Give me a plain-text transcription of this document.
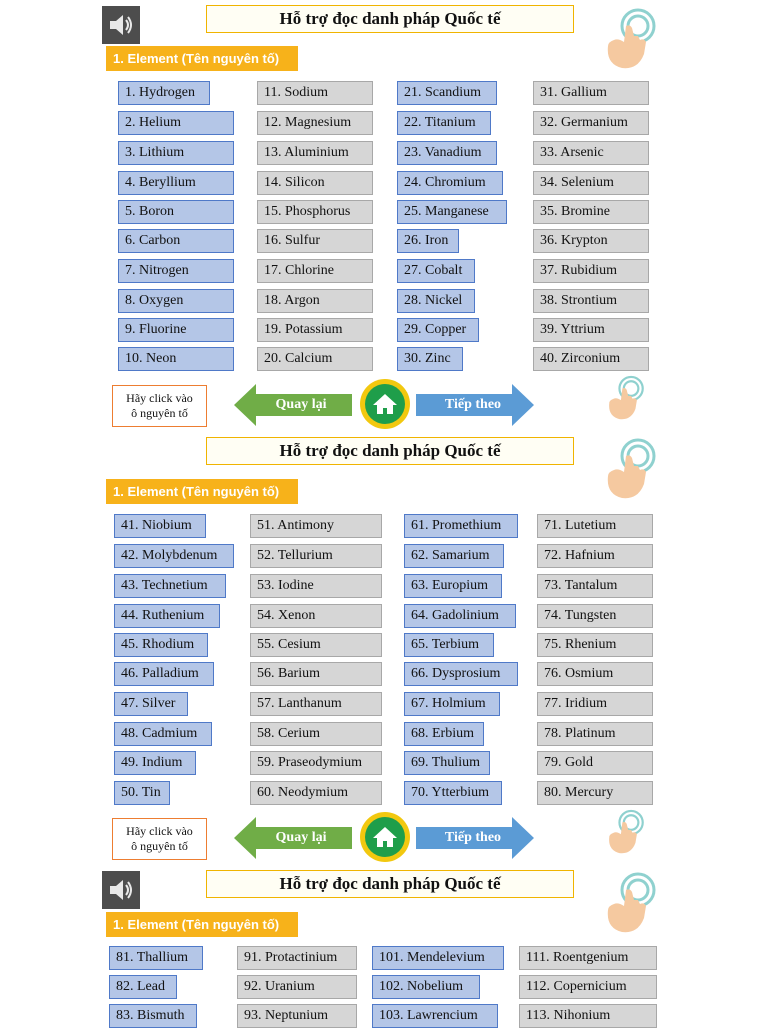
Hỗ trợ đọc danh pháp Quốc tế
1. Element (Tên nguyên tố)
1. Hydrogen
2. Helium
3. Lithium
4. Beryllium
5. Boron
6. Carbon
7. Nitrogen
8. Oxygen
9. Fluorine
10. Neon
11. Sodium
12. Magnesium
13. Aluminium
14. Silicon
15. Phosphorus
16. Sulfur
17. Chlorine
18. Argon
19. Potassium
20. Calcium
21. Scandium
22. Titanium
23. Vanadium
24. Chromium
25. Manganese
26. Iron
27. Cobalt
28. Nickel
29. Copper
30. Zinc
31. Gallium
32. Germanium
33. Arsenic
34. Selenium
35. Bromine
36. Krypton
37. Rubidium
38. Strontium
39. Yttrium
40. Zirconium
Hãy click vào
ô nguyên tố
Quay lại	Tiếp theo
Hỗ trợ đọc danh pháp Quốc tế
1. Element (Tên nguyên tố)
41. Niobium
42. Molybdenum
43. Technetium
44. Ruthenium
45. Rhodium
46. Palladium
47. Silver
48. Cadmium
49. Indium
50. Tin
51. Antimony
52. Tellurium
53. Iodine
54. Xenon
55. Cesium
56. Barium
57. Lanthanum
58. Cerium
59. Praseodymium
60. Neodymium
61. Promethium
62. Samarium
63. Europium
64. Gadolinium
65. Terbium
66. Dysprosium
67. Holmium
68. Erbium
69. Thulium
70. Ytterbium
71. Lutetium
72. Hafnium
73. Tantalum
74. Tungsten
75. Rhenium
76. Osmium
77. Iridium
78. Platinum
79. Gold
80. Mercury
Hãy click vào
ô nguyên tố
Quay lại	Tiếp theo
Hỗ trợ đọc danh pháp Quốc tế
1. Element (Tên nguyên tố)
81. Thallium
82. Lead
83. Bismuth
91. Protactinium
92. Uranium
93. Neptunium
101. Mendelevium
102. Nobelium
103. Lawrencium
111. Roentgenium
112. Copernicium
113. Nihonium
